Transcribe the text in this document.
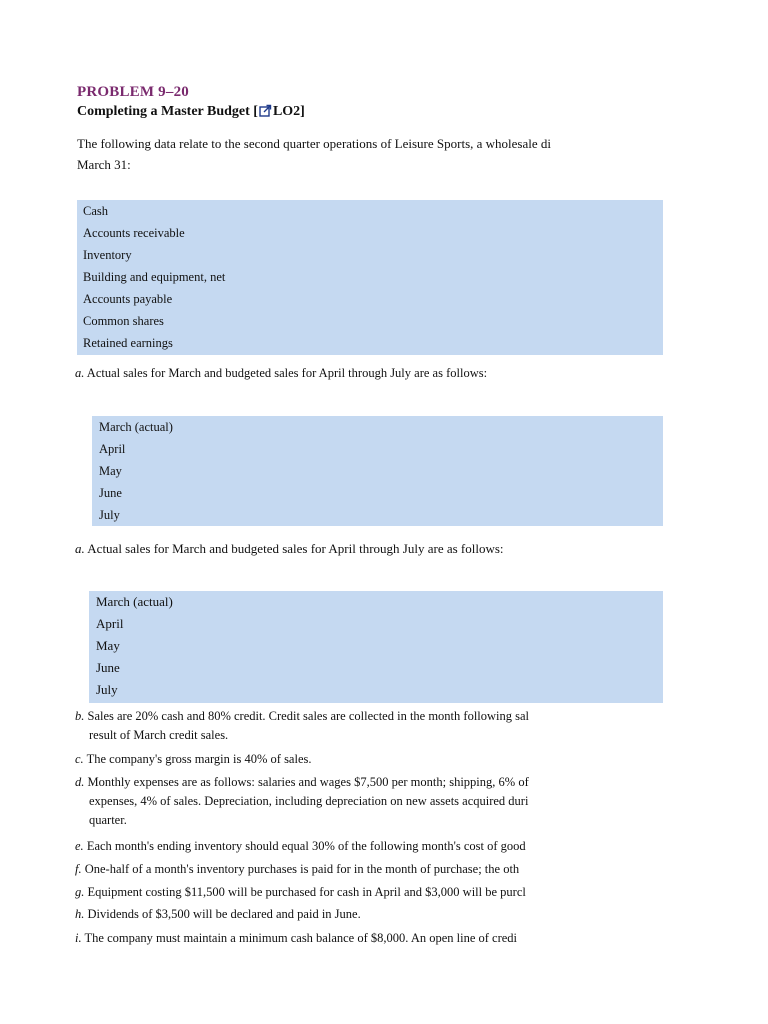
PROBLEM 9–20
Completing a Master Budget [ LO2]
The following data relate to the second quarter operations of Leisure Sports, a wholesale di
March 31:
Cash
Accounts receivable
Inventory
Building and equipment, net
Accounts payable
Common shares
Retained earnings
a. Actual sales for March and budgeted sales for April through July are as follows:
March (actual)
April
May
June
July
a. Actual sales for March and budgeted sales for April through July are as follows:
March (actual)
April
May
June
July
b. Sales are 20% cash and 80% credit. Credit sales are collected in the month following sal
result of March credit sales.
c. The company's gross margin is 40% of sales.
d. Monthly expenses are as follows: salaries and wages $7,500 per month; shipping, 6% of
expenses, 4% of sales. Depreciation, including depreciation on new assets acquired duri
quarter.
e. Each month's ending inventory should equal 30% of the following month's cost of good
f. One-half of a month's inventory purchases is paid for in the month of purchase; the oth
g. Equipment costing $11,500 will be purchased for cash in April and $3,000 will be purcl
h. Dividends of $3,500 will be declared and paid in June.
i. The company must maintain a minimum cash balance of $8,000. An open line of credi
